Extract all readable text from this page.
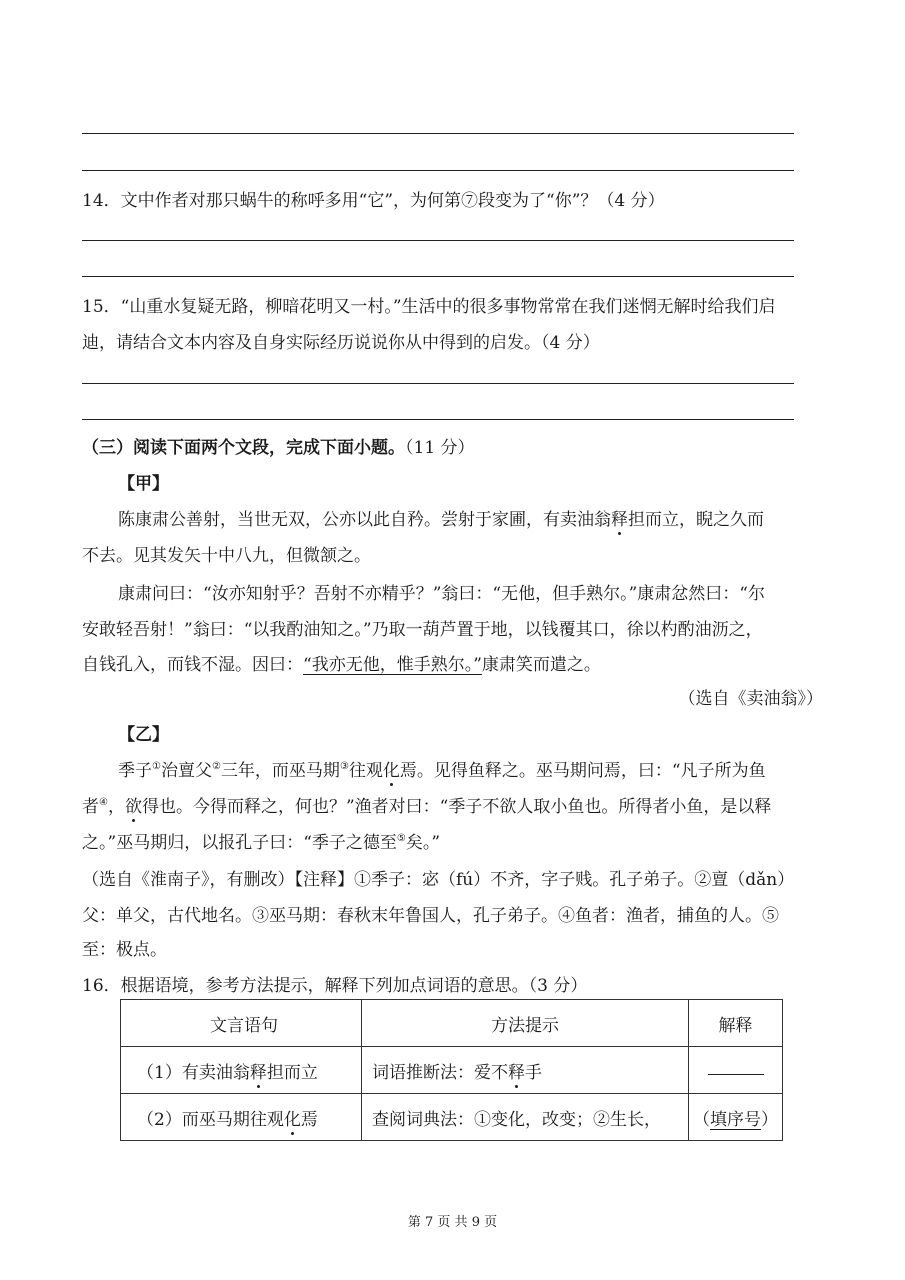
14．文中作者对那只蜗牛的称呼多用“它”，为何第⑦段变为了“你”？（4 分）
15．“山重水复疑无路，柳暗花明又一村。”生活中的很多事物常常在我们迷惘无解时给我们启
迪，请结合文本内容及自身实际经历说说你从中得到的启发。（4 分）
（三）阅读下面两个文段，完成下面小题。（11 分）
【甲】
陈康肃公善射，当世无双，公亦以此自矜。尝射于家圃，有卖油翁释担而立，睨之久而
不去。见其发矢十中八九，但微颔之。
康肃问曰：“汝亦知射乎？吾射不亦精乎？”翁曰：“无他，但手熟尔。”康肃忿然曰：“尔
安敢轻吾射！”翁曰：“以我酌油知之。”乃取一葫芦置于地，以钱覆其口，徐以杓酌油沥之，
自钱孔入，而钱不湿。因曰：“我亦无他，惟手熟尔。”康肃笑而遣之。
（选自《卖油翁》）
【乙】
季子①治亶父②三年，而巫马期③往观化焉。见得鱼释之。巫马期问焉，曰：“凡子所为鱼
者④，欲得也。今得而释之，何也？”渔者对曰：“季子不欲人取小鱼也。所得者小鱼，是以释
之。”巫马期归，以报孔子曰：“季子之德至⑤矣。”
（选自《淮南子》，有删改）【注释】①季子：宓（fú）不齐，字子贱。孔子弟子。②亶（dǎn）
父：单父，古代地名。③巫马期：春秋末年鲁国人，孔子弟子。④鱼者：渔者，捕鱼的人。⑤
至：极点。
16．根据语境，参考方法提示，解释下列加点词语的意思。（3 分）
文言语句	方法提示	解释
（1）有卖油翁释担而立	词语推断法：爱不释手	
（2）而巫马期往观化焉	查阅词典法：①变化，改变；②生长，	（填序号）
第 7 页 共 9 页
